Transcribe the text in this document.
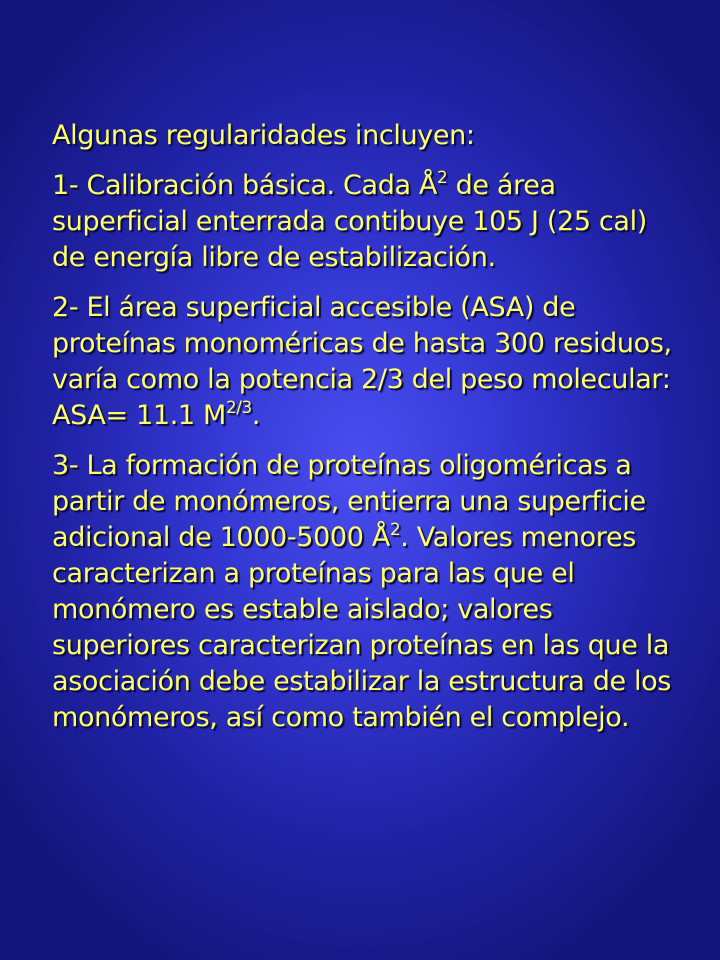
Algunas regularidades incluyen:

1- Calibración básica. Cada $Å^2$ de área superficial enterrada contibuye 105 J (25 cal) de energía libre de estabilización.

2- El área superficial accesible (ASA) de proteínas monoméricas de hasta 300 residuos, varía como la potencia 2/3 del peso molecular: ASA= 11.1 $M^{2/3}$.

3- La formación de proteínas oligoméricas a partir de monómeros, entierra una superficie adicional de 1000-5000 $Å^2$. Valores menores caracterizan a proteínas para las que el monómero es estable aislado; valores superiores caracterizan proteínas en las que la asociación debe estabilizar la estructura de los monómeros, así como también el complejo.
